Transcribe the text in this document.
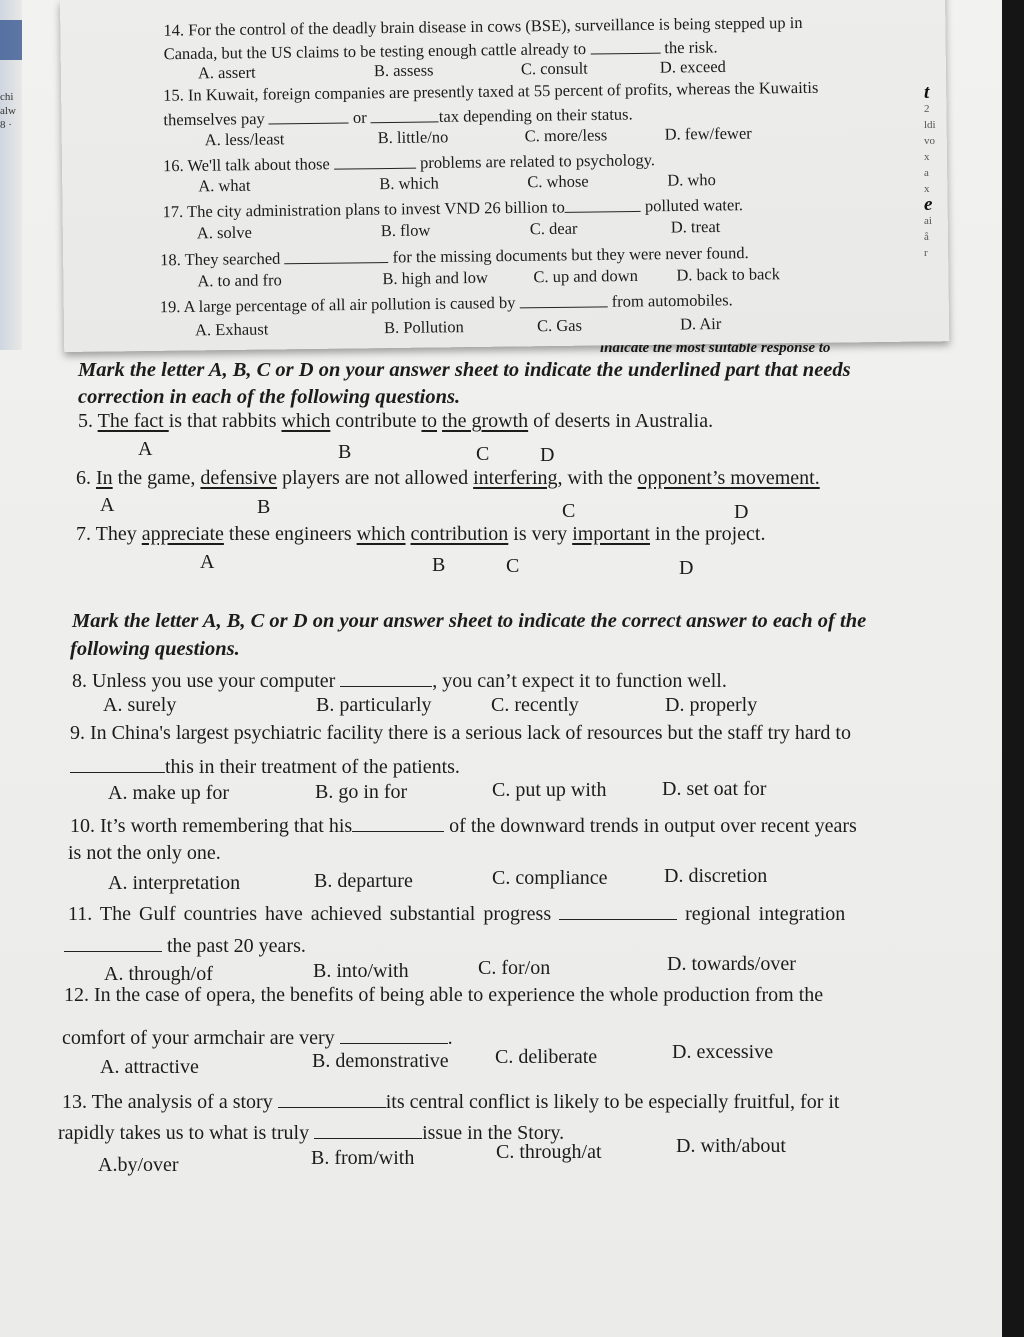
chi
alw
8 ·
indicate the most suitable response to
Mark the letter A, B, C or D on your answer sheet to indicate the underlined part that needs
correction in each of the following questions.
5. The fact is that rabbits which contribute to the growth of deserts in Australia.
A	B	C	D
6. In the game, defensive players are not allowed interfering, with the opponent’s movement.
A	B	C	D
7. They appreciate these engineers which contribution is very important in the project.
A	B	C	D
Mark the letter A, B, C or D on your answer sheet to indicate the correct answer to each of the
following questions.
8. Unless you use your computer	, you can’t expect it to function well.
A. surely	B. particularly	C. recently	D. properly
9. In China's largest psychiatric facility there is a serious lack of resources but the staff try hard to
this in their treatment of the patients.
A. make up for	B. go in for	C. put up with	D. set oat for
10. It’s worth remembering that his	of the downward trends in output over recent years
is not the only one.
A. interpretation	B. departure	C. compliance	D. discretion
11. The Gulf countries have achieved substantial progress	regional integration
the past 20 years.
A. through/of	B. into/with	C. for/on	D. towards/over
12. In the case of opera, the benefits of being able to experience the whole production from the
comfort of your armchair are very	.
A. attractive	B. demonstrative C. deliberate	D. excessive
13. The analysis of a story	its central conflict is likely to be especially fruitful, for it
rapidly takes us to what is truly	issue in the Story.
A.by/over	B. from/with	C. through/at	D. with/about
14. For the control of the deadly brain disease in cows (BSE), surveillance is being stepped up in
Canada, but the US claims to be testing enough cattle already to	the risk.
A. assert	B. assess	C. consult	D. exceed
15. In Kuwait, foreign companies are presently taxed at 55 percent of profits, whereas the Kuwaitis
themselves pay	or	tax depending on their status.
A. less/least	B. little/no	C. more/less	D. few/fewer
16. We'll talk about those	problems are related to psychology.
A. what	B. which	C. whose	D. who
17. The city administration plans to invest VND 26 billion to	polluted water.
A. solve	B. flow	C. dear	D. treat
18. They searched	for the missing documents but they were never found.
A. to and fro	B. high and low	C. up and down D. back to back
19. A large percentage of all air pollution is caused by	from automobiles.
A. Exhaust	B. Pollution	C. Gas	D. Air
t
2
ldi
vo
x
a
x
e
ai
å
r
